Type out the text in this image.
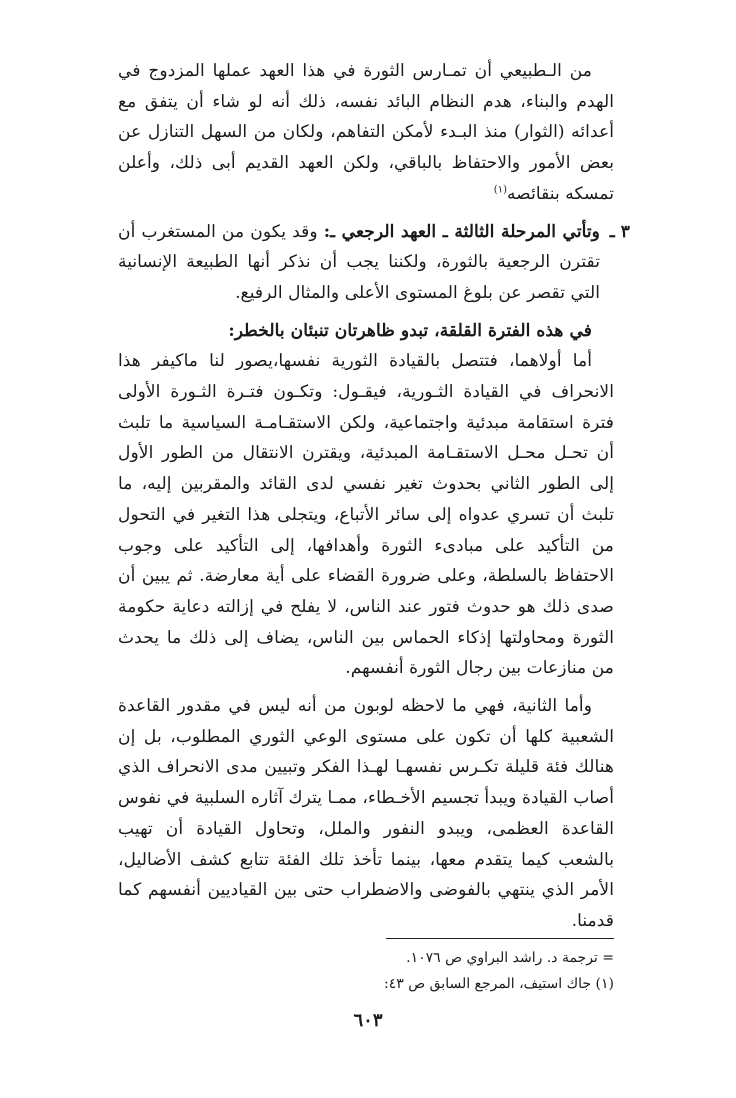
من الـطبيعي أن تمـارس الثورة في هذا العهد عملها المزدوج في الهدم والبناء، هدم النظام البائد نفسه، ذلك أنه لو شاء أن يتفق مع أعدائه (الثوار) منذ البـدء لأمكن التفاهم، ولكان من السهل التنازل عن بعض الأمور والاحتفاظ بالباقي، ولكن العهد القديم أبى ذلك، وأعلن تمسكه بنقائصه$^{(١)}$

٣ ـ
وتأتي المرحلة الثالثة ـ العهد الرجعي ـ: وقد يكون من المستغرب أن تقترن الرجعية بالثورة، ولكننا يجب أن نذكر أنها الطبيعة الإنسانية التي تقصر عن بلوغ المستوى الأعلى والمثال الرفيع.

في هذه الفترة القلقة، تبدو ظاهرتان تنبئان بالخطر:

أما أولاهما، فتتصل بالقيادة الثورية نفسها،يصور لنا ماكيفر هذا الانحراف في القيادة الثـورية، فيقـول: وتكـون فتـرة الثـورة الأولى فترة استقامة مبدئية واجتماعية، ولكن الاستقـامـة السياسية ما تلبث أن تحـل محـل الاستقـامة المبدئية، ويقترن الانتقال من الطور الأول إلى الطور الثاني بحدوث تغير نفسي لدى القائد والمقربين إليه، ما تلبث أن تسري عدواه إلى سائر الأتباع، ويتجلى هذا التغير في التحول من التأكيد على مبادىء الثورة وأهدافها، إلى التأكيد على وجوب الاحتفاظ بالسلطة، وعلى ضرورة القضاء على أية معارضة. ثم يبين أن صدى ذلك هو حدوث فتور عند الناس، لا يفلح في إزالته دعاية حكومة الثورة ومحاولتها إذكاء الحماس بين الناس، يضاف إلى ذلك ما يحدث من منازعات بين رجال الثورة أنفسهم.

وأما الثانية، فهي ما لاحظه لوبون من أنه ليس في مقدور القاعدة الشعبية كلها أن تكون على مستوى الوعي الثوري المطلوب، بل إن هنالك فئة قليلة تكـرس نفسهـا لهـذا الفكر وتبيين مدى الانحراف الذي أصاب القيادة ويبدأ تجسيم الأخـطاء، ممـا يترك آثاره السلبية في نفوس القاعدة العظمى، ويبدو النفور والملل، وتحاول القيادة أن تهيب بالشعب كيما يتقدم معها، بينما تأخذ تلك الفئة تتابع كشف الأضاليل، الأمر الذي ينتهي بالفوضى والاضطراب حتى بين القياديين أنفسهم كما قدمنا.

= ترجمة د. راشد البراوي ص ١٠٧٦.

(١) جاك استيف، المرجع السابق ص ٤٣:

٦٠٣
